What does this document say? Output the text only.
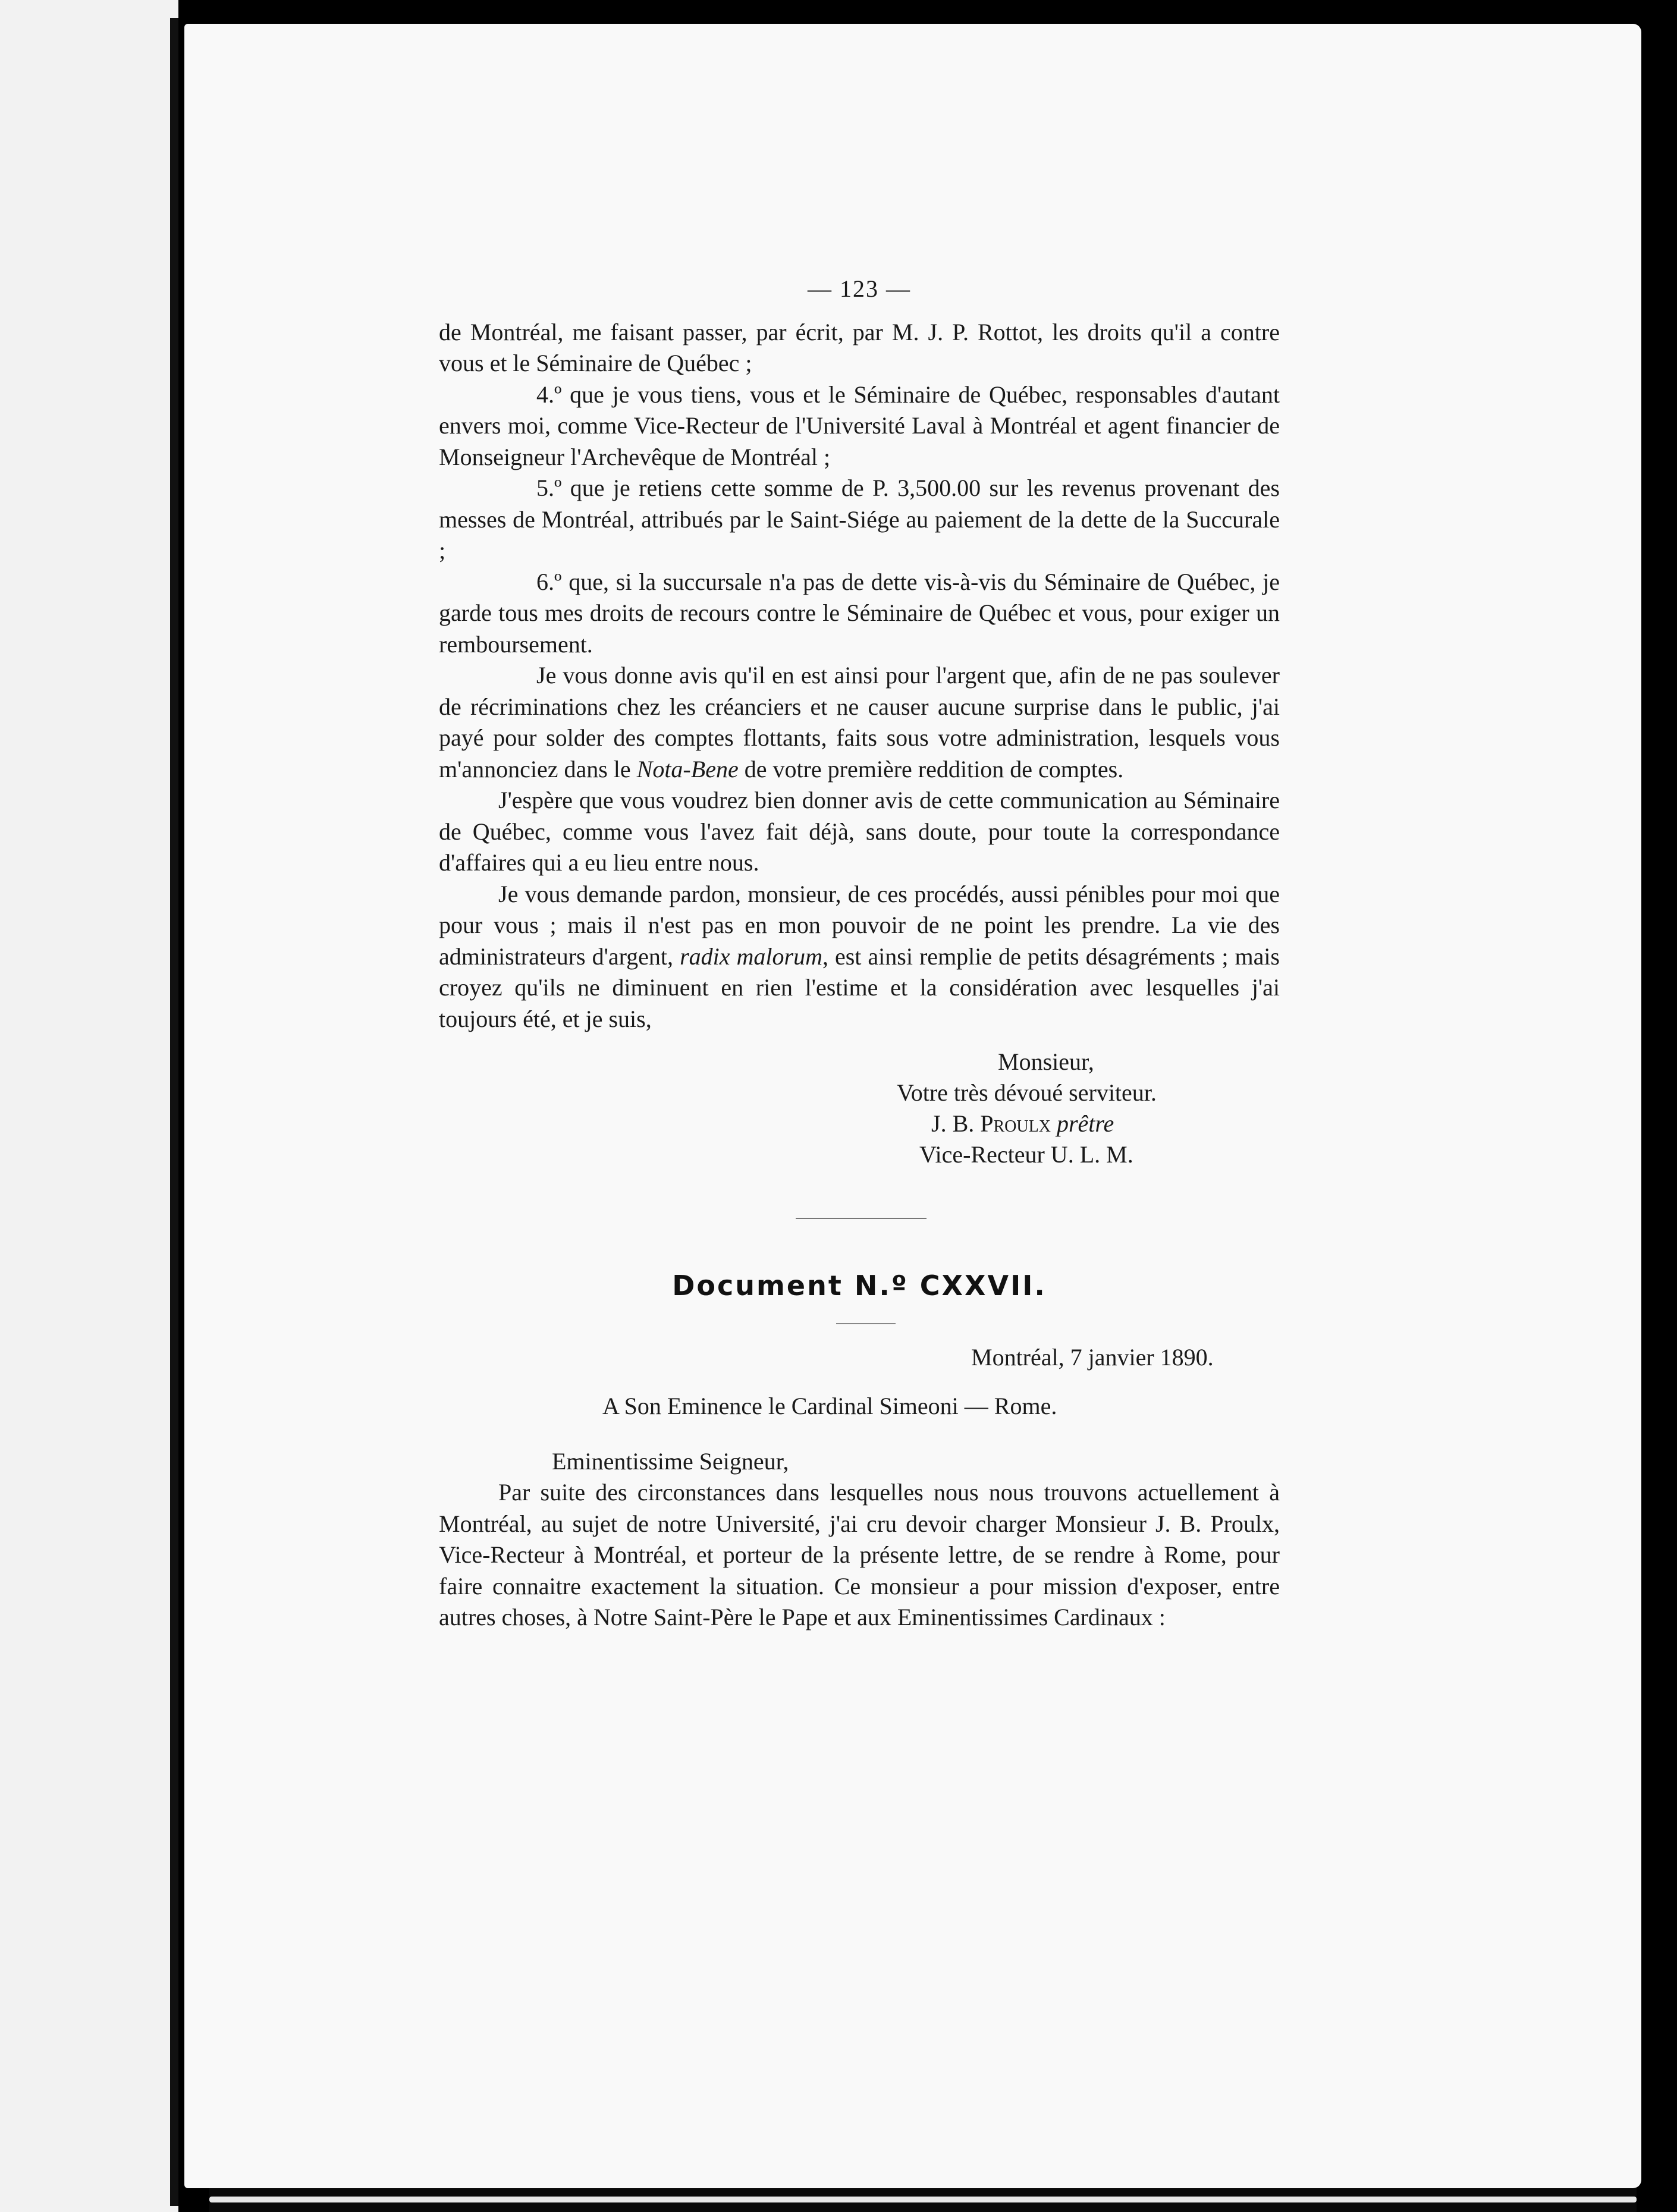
— 123 —

de Montréal, me faisant passer, par écrit, par M. J. P. Rottot, les droits qu'il a contre vous et le Séminaire de Québec ;

4.º que je vous tiens, vous et le Séminaire de Québec, responsables d'autant envers moi, comme Vice-Recteur de l'Université Laval à Montréal et agent financier de Monseigneur l'Archevêque de Montréal ;

5.º que je retiens cette somme de P. 3,500.00 sur les revenus provenant des messes de Montréal, attribués par le Saint-Siége au paiement de la dette de la Succurale ;

6.º que, si la succursale n'a pas de dette vis-à-vis du Séminaire de Québec, je garde tous mes droits de recours contre le Séminaire de Québec et vous, pour exiger un remboursement.

Je vous donne avis qu'il en est ainsi pour l'argent que, afin de ne pas soulever de récriminations chez les créanciers et ne causer aucune surprise dans le public, j'ai payé pour solder des comptes flottants, faits sous votre administration, lesquels vous m'annonciez dans le Nota-Bene de votre première reddition de comptes.

J'espère que vous voudrez bien donner avis de cette communication au Séminaire de Québec, comme vous l'avez fait déjà, sans doute, pour toute la correspondance d'affaires qui a eu lieu entre nous.

Je vous demande pardon, monsieur, de ces procédés, aussi pénibles pour moi que pour vous ; mais il n'est pas en mon pouvoir de ne point les prendre. La vie des administrateurs d'argent, radix malorum, est ainsi remplie de petits désagréments ; mais croyez qu'ils ne diminuent en rien l'estime et la considération avec lesquelles j'ai toujours été, et je suis,

Monsieur,

Votre très dévoué serviteur.

J. B. Proulx prêtre

Vice-Recteur U. L. M.

Document N.º CXXVII.

Montréal, 7 janvier 1890.

A Son Eminence le Cardinal Simeoni — Rome.

Eminentissime Seigneur,

Par suite des circonstances dans lesquelles nous nous trouvons actuellement à Montréal, au sujet de notre Université, j'ai cru devoir charger Monsieur J. B. Proulx, Vice-Recteur à Montréal, et porteur de la présente lettre, de se rendre à Rome, pour faire connaitre exactement la situation. Ce monsieur a pour mission d'exposer, entre autres choses, à Notre Saint-Père le Pape et aux Eminentissimes Cardinaux :
